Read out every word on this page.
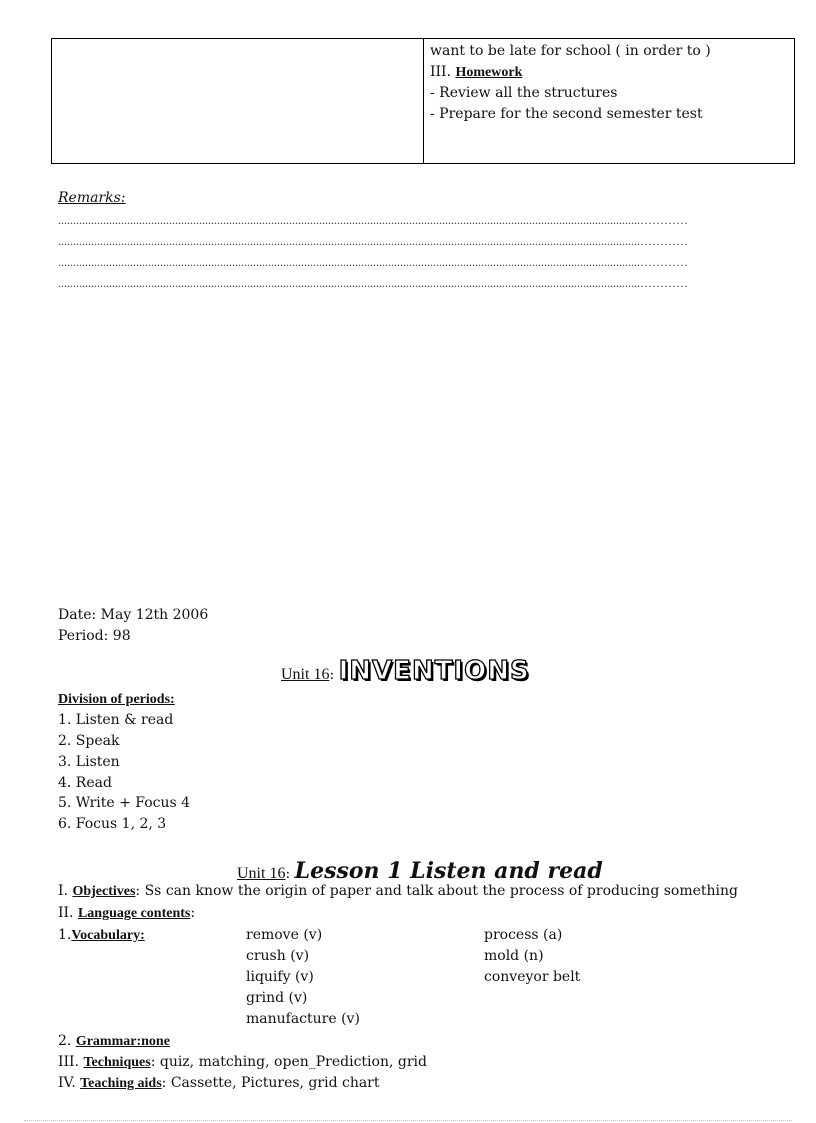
want to be late for school ( in order to )
III. Homework
- Review all the structures
- Prepare for the second semester test
Remarks:
..................................................................................................................................................................................................…………
..................................................................................................................................................................................................…………
..................................................................................................................................................................................................…………
..................................................................................................................................................................................................…………
Date: May 12th 2006
Period: 98
Unit 16: INVENTIONS
Division of periods:
1. Listen & read
2. Speak
3. Listen
4. Read
5. Write + Focus 4
6. Focus 1, 2, 3
Unit 16: Lesson 1 Listen and read
I. Objectives: Ss can know the origin of paper and talk about the process of producing something
II. Language contents:
1.Vocabulary:	remove (v)
crush (v)
liquify (v)
grind (v)
manufacture (v)
process (a)
mold (n)
conveyor belt
2. Grammar:none
III. Techniques: quiz, matching, open_Prediction, grid
IV. Teaching aids: Cassette, Pictures, grid chart
